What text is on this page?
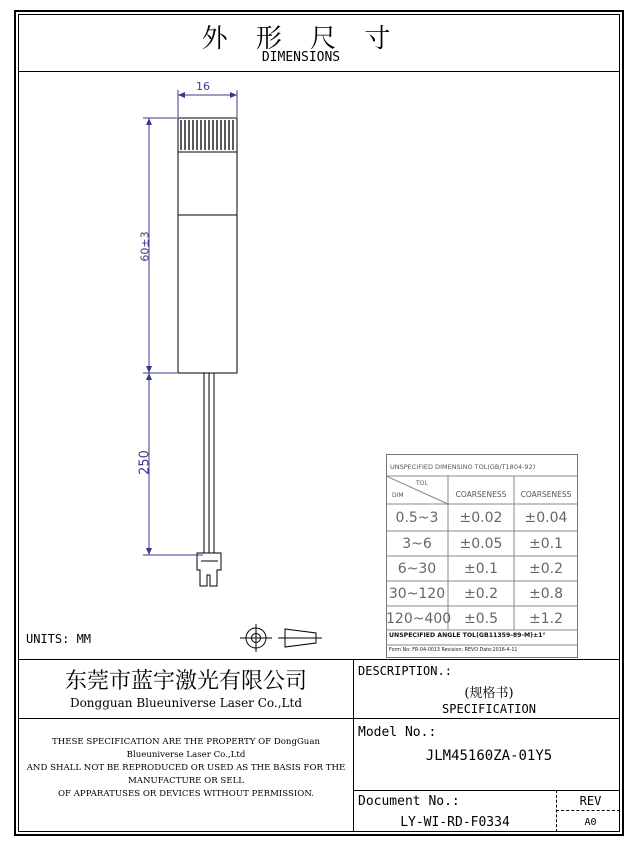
外 形 尺 寸
DIMENSIONS
16
60±3
250
UNITS: MM
UNSPECIFIED DIMENSINO TOL(GB/T1804-92)
TOL
DIM	COARSENESS	COARSENESS
0.5~3	±0.02	±0.04
3~6	±0.05	±0.1
6~30	±0.1	±0.2
30~120	±0.2	±0.8
120~400 ±0.5	±1.2
UNSPECIFIED ANGLE TOL(GB11359-89-M)±1°
Form No: FR-04-0013 Revision: REVO Date:2016-4-11
东莞市蓝宇激光有限公司
Dongguan Blueuniverse Laser Co.,Ltd
DESCRIPTION.:
(规格书)
SPECIFICATION
THESE SPECIFICATION ARE THE PROPERTY OF DongGuan
Blueuniverse Laser Co.,Ltd
AND SHALL NOT BE REPRODUCED OR USED AS THE BASIS FOR THE
MANUFACTURE OR SELL
OF APPARATUSES OR DEVICES WITHOUT PERMISSION.
Model No.:
JLM45160ZA-01Y5
Document No.:
LY-WI-RD-F0334
REV
A0
